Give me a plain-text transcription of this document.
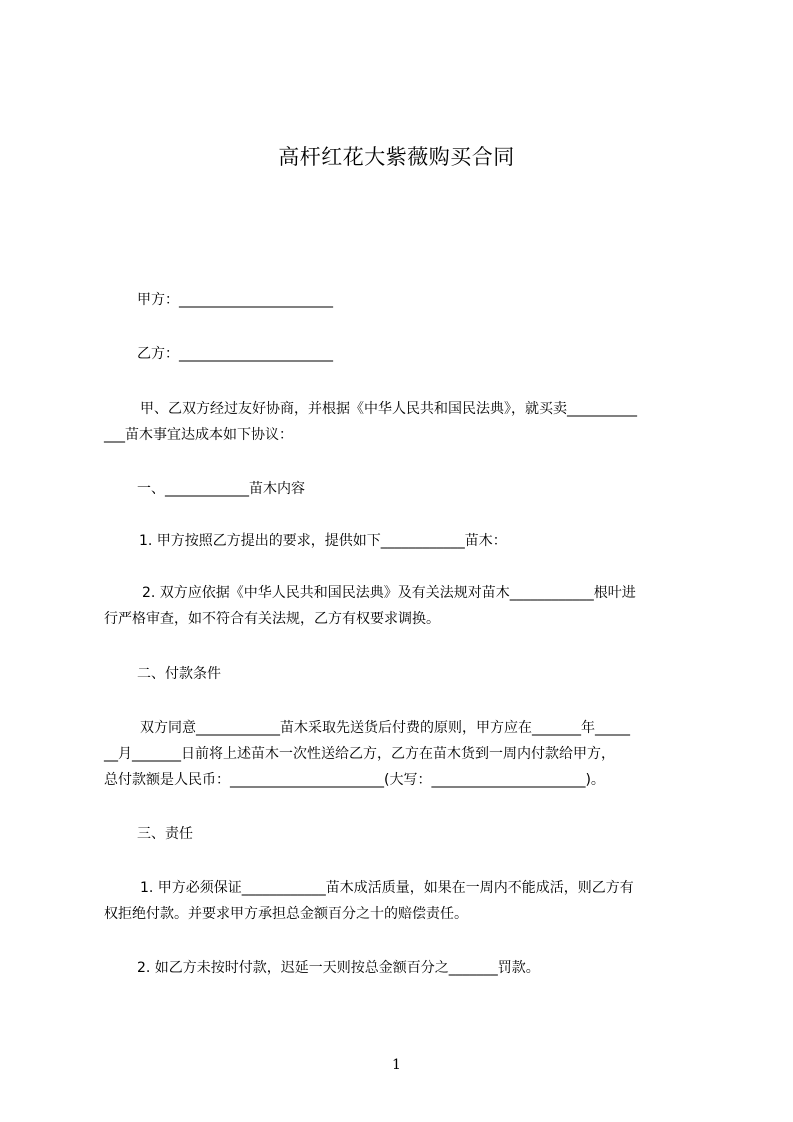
高杆红花大紫薇购买合同
甲方：______________________
乙方：______________________
甲、乙双方经过友好协商，并根据《中华人民共和国民法典》，就买卖__________
___苗木事宜达成本如下协议：
一、____________苗木内容
1. 甲方按照乙方提出的要求，提供如下____________苗木：
2. 双方应依据《中华人民共和国民法典》及有关法规对苗木____________根叶进
行严格审查，如不符合有关法规，乙方有权要求调换。
二、付款条件
双方同意____________苗木采取先送货后付费的原则，甲方应在_______年_____
__月_______日前将上述苗木一次性送给乙方，乙方在苗木货到一周内付款给甲方，
总付款额是人民币：______________________(大写：______________________)。
三、责任
1. 甲方必须保证____________苗木成活质量，如果在一周内不能成活，则乙方有
权拒绝付款。并要求甲方承担总金额百分之十的赔偿责任。
2. 如乙方未按时付款，迟延一天则按总金额百分之_______罚款。
1
